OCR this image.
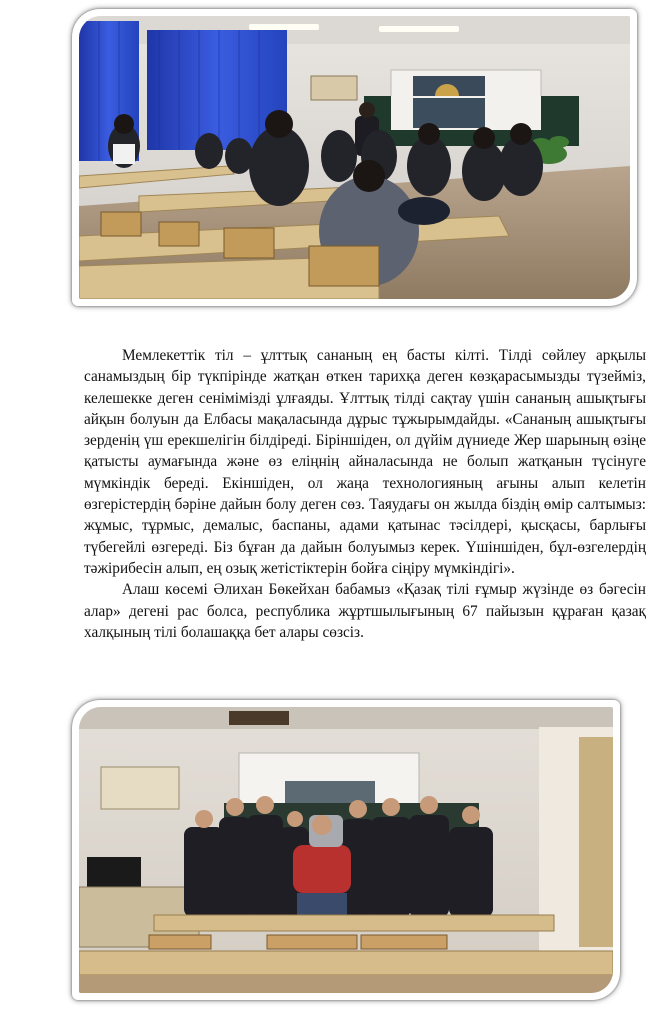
Мемлекеттік тіл – ұлттық сананың ең басты кілті. Тілді сөйлеу арқылы санамыздың бір түкпірінде жатқан өткен тарихқа деген көзқарасымызды түзейміз, келешекке деген сенімімізді ұлғаяды. Ұлттық тілді сақтау үшін сананың ашықтығы айқын болуын да Елбасы мақаласында дұрыс тұжырымдайды. «Сананың ашықтығы зерденің үш ерекшелігін білдіреді. Біріншіден, ол дүйім дүниеде Жер шарының өзіңе қатысты аумағында және өз еліңнің айналасында не болып жатқанын түсінуге мүмкіндік береді. Екіншіден, ол жаңа технологияның ағыны алып келетін өзгерістердің бәріне дайын болу деген сөз. Таяудағы он жылда біздің өмір салтымыз: жұмыс, тұрмыс, демалыс, баспаны, адами қатынас тәсілдері, қысқасы, барлығы түбегейлі өзгереді. Біз бұған да дайын болуымыз керек. Үшіншіден, бұл-өзгелердің тәжірибесін алып, ең озық жетістіктерін бойға сіңіру мүмкіндігі».

Алаш көсемі Әлихан Бөкейхан бабамыз «Қазақ тілі ғұмыр жүзінде өз бәгесін алар» дегені рас болса, республика жұртшылығының 67 пайызын құраған қазақ халқының тілі болашаққа бет алары сөзсіз.
